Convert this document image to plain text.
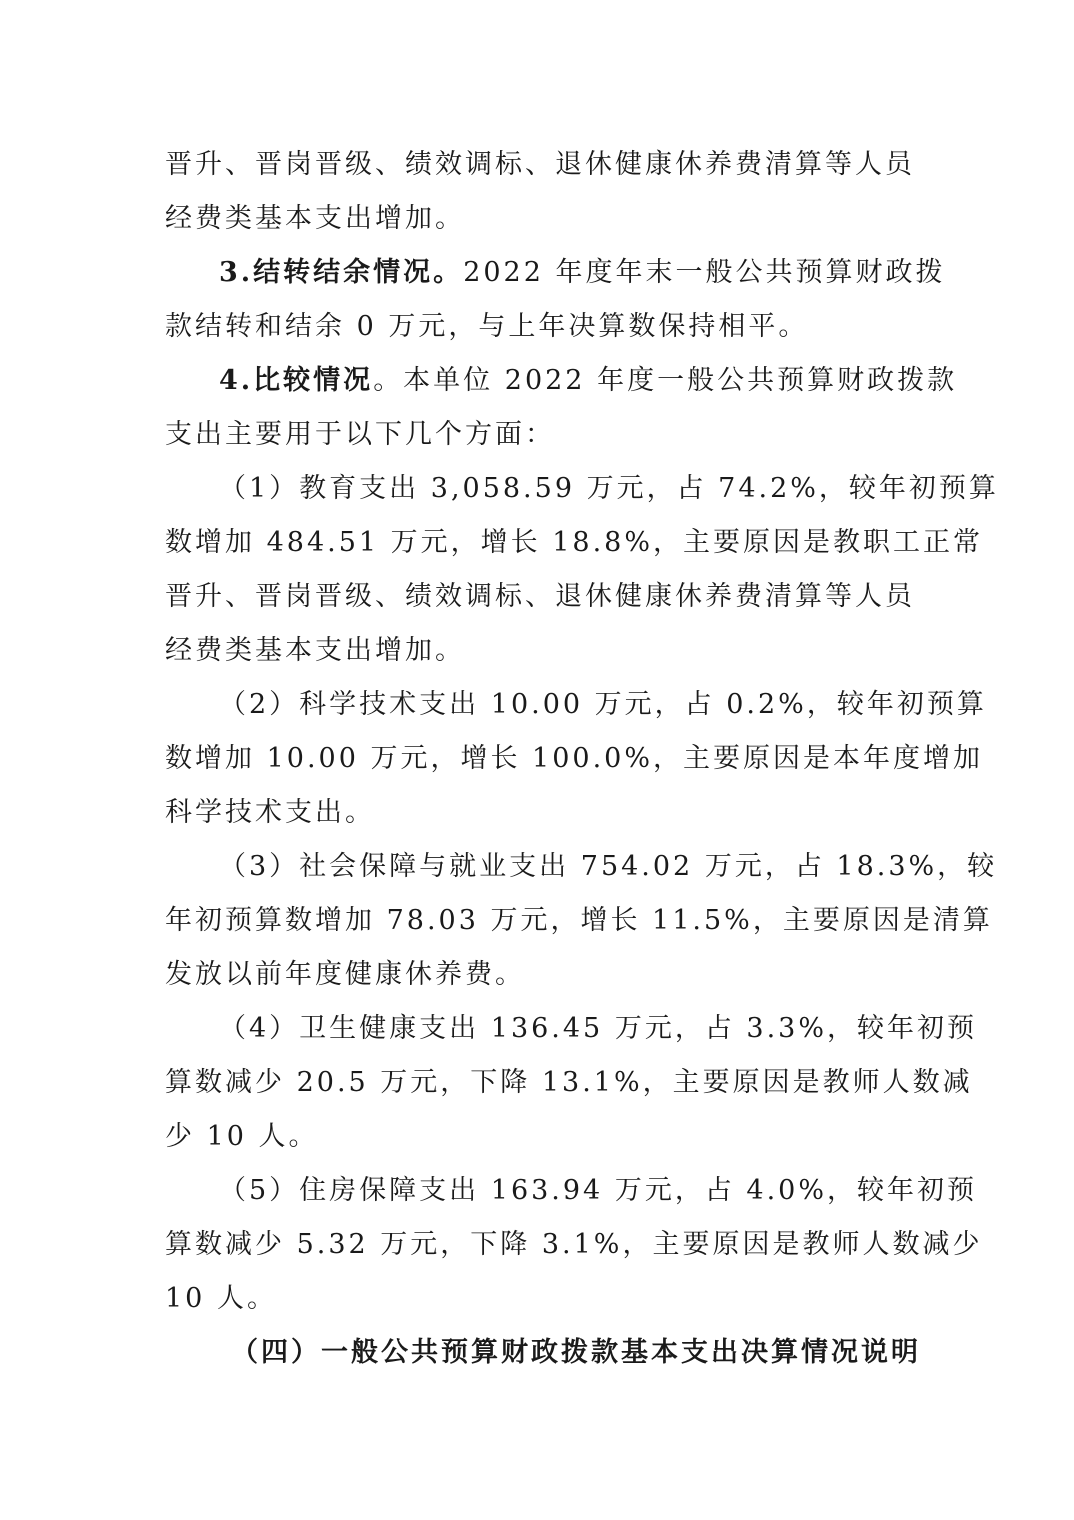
晋升、晋岗晋级、绩效调标、退休健康休养费清算等人员
经费类基本支出增加。
3.结转结余情况。2022 年度年末一般公共预算财政拨
款结转和结余 0 万元，与上年决算数保持相平。
4.比较情况。本单位 2022 年度一般公共预算财政拨款
支出主要用于以下几个方面：
（1）教育支出 3,058.59 万元，占 74.2%，较年初预算
数增加 484.51 万元，增长 18.8%，主要原因是教职工正常
晋升、晋岗晋级、绩效调标、退休健康休养费清算等人员
经费类基本支出增加。
（2）科学技术支出 10.00 万元，占 0.2%，较年初预算
数增加 10.00 万元，增长 100.0%，主要原因是本年度增加
科学技术支出。
（3）社会保障与就业支出 754.02 万元，占 18.3%，较
年初预算数增加 78.03 万元，增长 11.5%，主要原因是清算
发放以前年度健康休养费。
（4）卫生健康支出 136.45 万元，占 3.3%，较年初预
算数减少 20.5 万元，下降 13.1%，主要原因是教师人数减
少 10 人。
（5）住房保障支出 163.94 万元，占 4.0%，较年初预
算数减少 5.32 万元，下降 3.1%，主要原因是教师人数减少
10 人。
（四）一般公共预算财政拨款基本支出决算情况说明
